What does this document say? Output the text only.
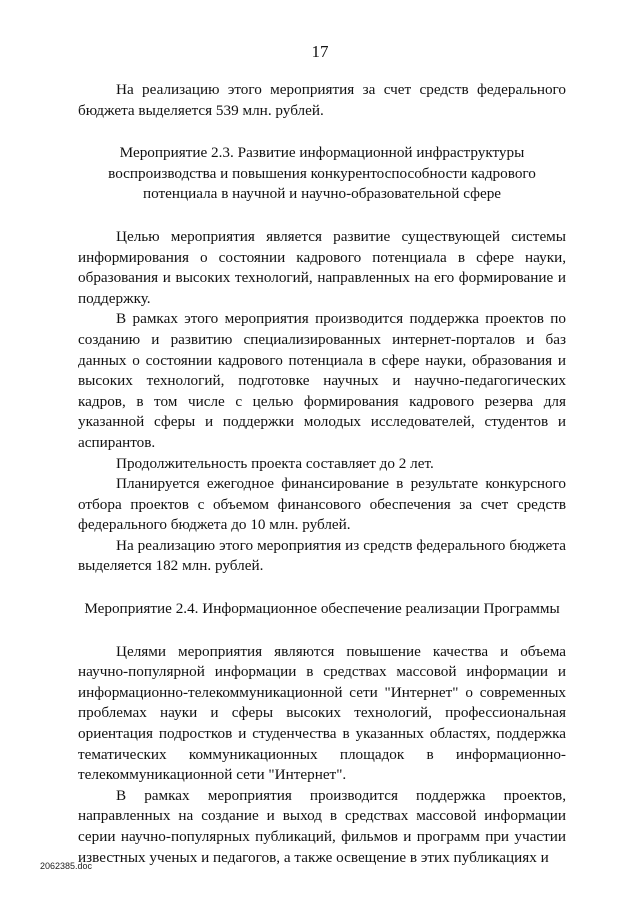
17

На реализацию этого мероприятия за счет средств федерального бюджета выделяется 539 млн. рублей.

Мероприятие 2.3. Развитие информационной инфраструктуры воспроизводства и повышения конкурентоспособности кадрового потенциала в научной и научно-образовательной сфере

Целью мероприятия является развитие существующей системы информирования о состоянии кадрового потенциала в сфере науки, образования и высоких технологий, направленных на его формирование и поддержку.

В рамках этого мероприятия производится поддержка проектов по созданию и развитию специализированных интернет-порталов и баз данных о состоянии кадрового потенциала в сфере науки, образования и высоких технологий, подготовке научных и научно-педагогических кадров, в том числе с целью формирования кадрового резерва для указанной сферы и поддержки молодых исследователей, студентов и аспирантов.

Продолжительность проекта составляет до 2 лет.

Планируется ежегодное финансирование в результате конкурсного отбора проектов с объемом финансового обеспечения за счет средств федерального бюджета до 10 млн. рублей.

На реализацию этого мероприятия из средств федерального бюджета выделяется 182 млн. рублей.

Мероприятие 2.4. Информационное обеспечение реализации Программы

Целями мероприятия являются повышение качества и объема научно-популярной информации в средствах массовой информации и информационно-телекоммуникационной сети "Интернет" о современных проблемах науки и сферы высоких технологий, профессиональная ориентация подростков и студенчества в указанных областях, поддержка тематических коммуникационных площадок в информационно-телекоммуникационной сети "Интернет".

В рамках мероприятия производится поддержка проектов, направленных на создание и выход в средствах массовой информации серии научно-популярных публикаций, фильмов и программ при участии известных ученых и педагогов, а также освещение в этих публикациях и

2062385.doc
